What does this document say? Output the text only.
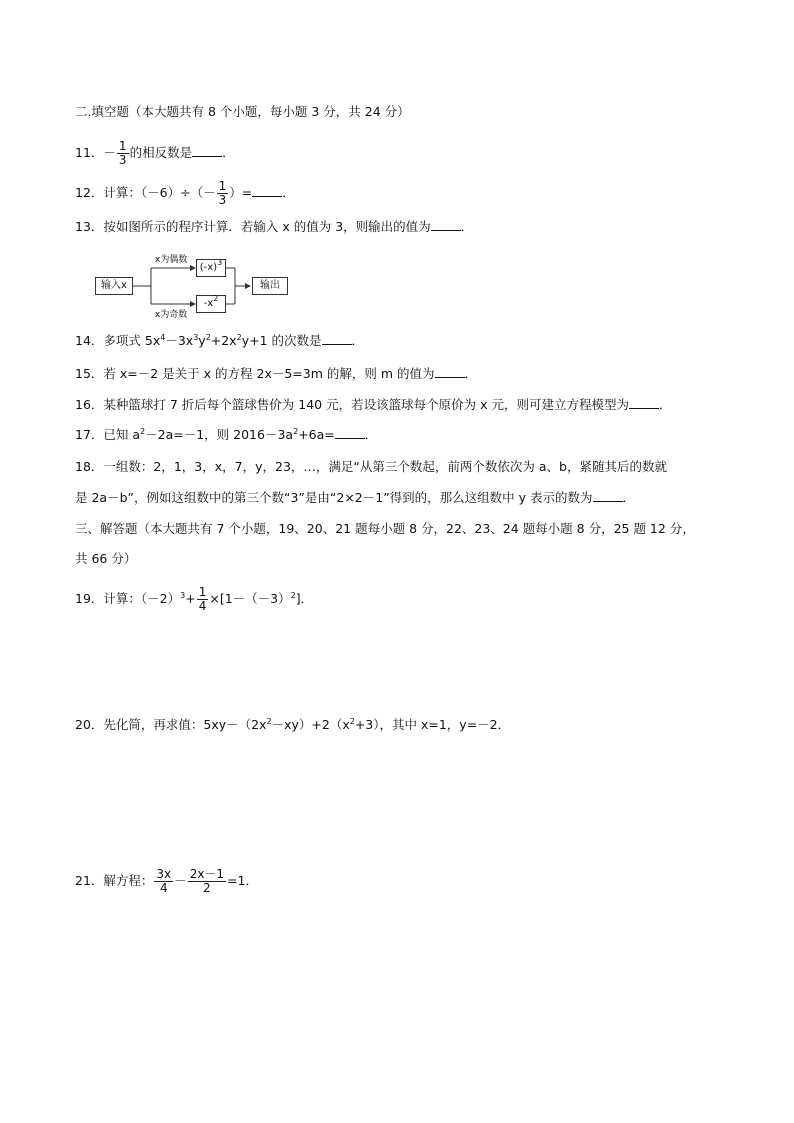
二.填空题（本大题共有 8 个小题，每小题 3 分，共 24 分）
11．－ $\frac{1}{3}$ 的相反数是 ．
12．计算：$(-6)\div(- \frac{1}{3}$ ）= ．
13．按如图所示的程序计算．若输入 x 的值为 3，则输出的值为 ．
输入x
x为偶数
x为奇数
$(-x)^3$
$-x^2$
输出
14．多项式 $5x^4-3x^3y^2+2x^2y+1$ 的次数是 ．
15．若 x=－2 是关于 x 的方程 2x－5=3m 的解，则 m 的值为 ．
16．某种篮球打 7 折后每个篮球售价为 140 元，若设该篮球每个原价为 x 元，则可建立方程模型为 ．
17．已知 $a^2-2a=-1$，则 $2016-3a^2+6a=$ ．
18．一组数：2，1，3，x，7，y，23，…，满足“从第三个数起，前两个数依次为 a、b，紧随其后的数就
是 2a－b”，例如这组数中的第三个数“3”是由“2×2－1”得到的，那么这组数中 y 表示的数为 ．
三、解答题（本大题共有 7 个小题，19、20、21 题每小题 8 分，22、23、24 题每小题 8 分，25 题 12 分，
共 66 分）
19．计算：$(-2)^3+ \frac{1}{4} \times[1-(-3)^2]$．
20．先化简，再求值：$5xy-(2x^2-xy)+2(x^2+3)$，其中 x=1，y=－2．
21．解方程： $\frac{3x}{4} - \frac{2x-1}{2} =1$．
